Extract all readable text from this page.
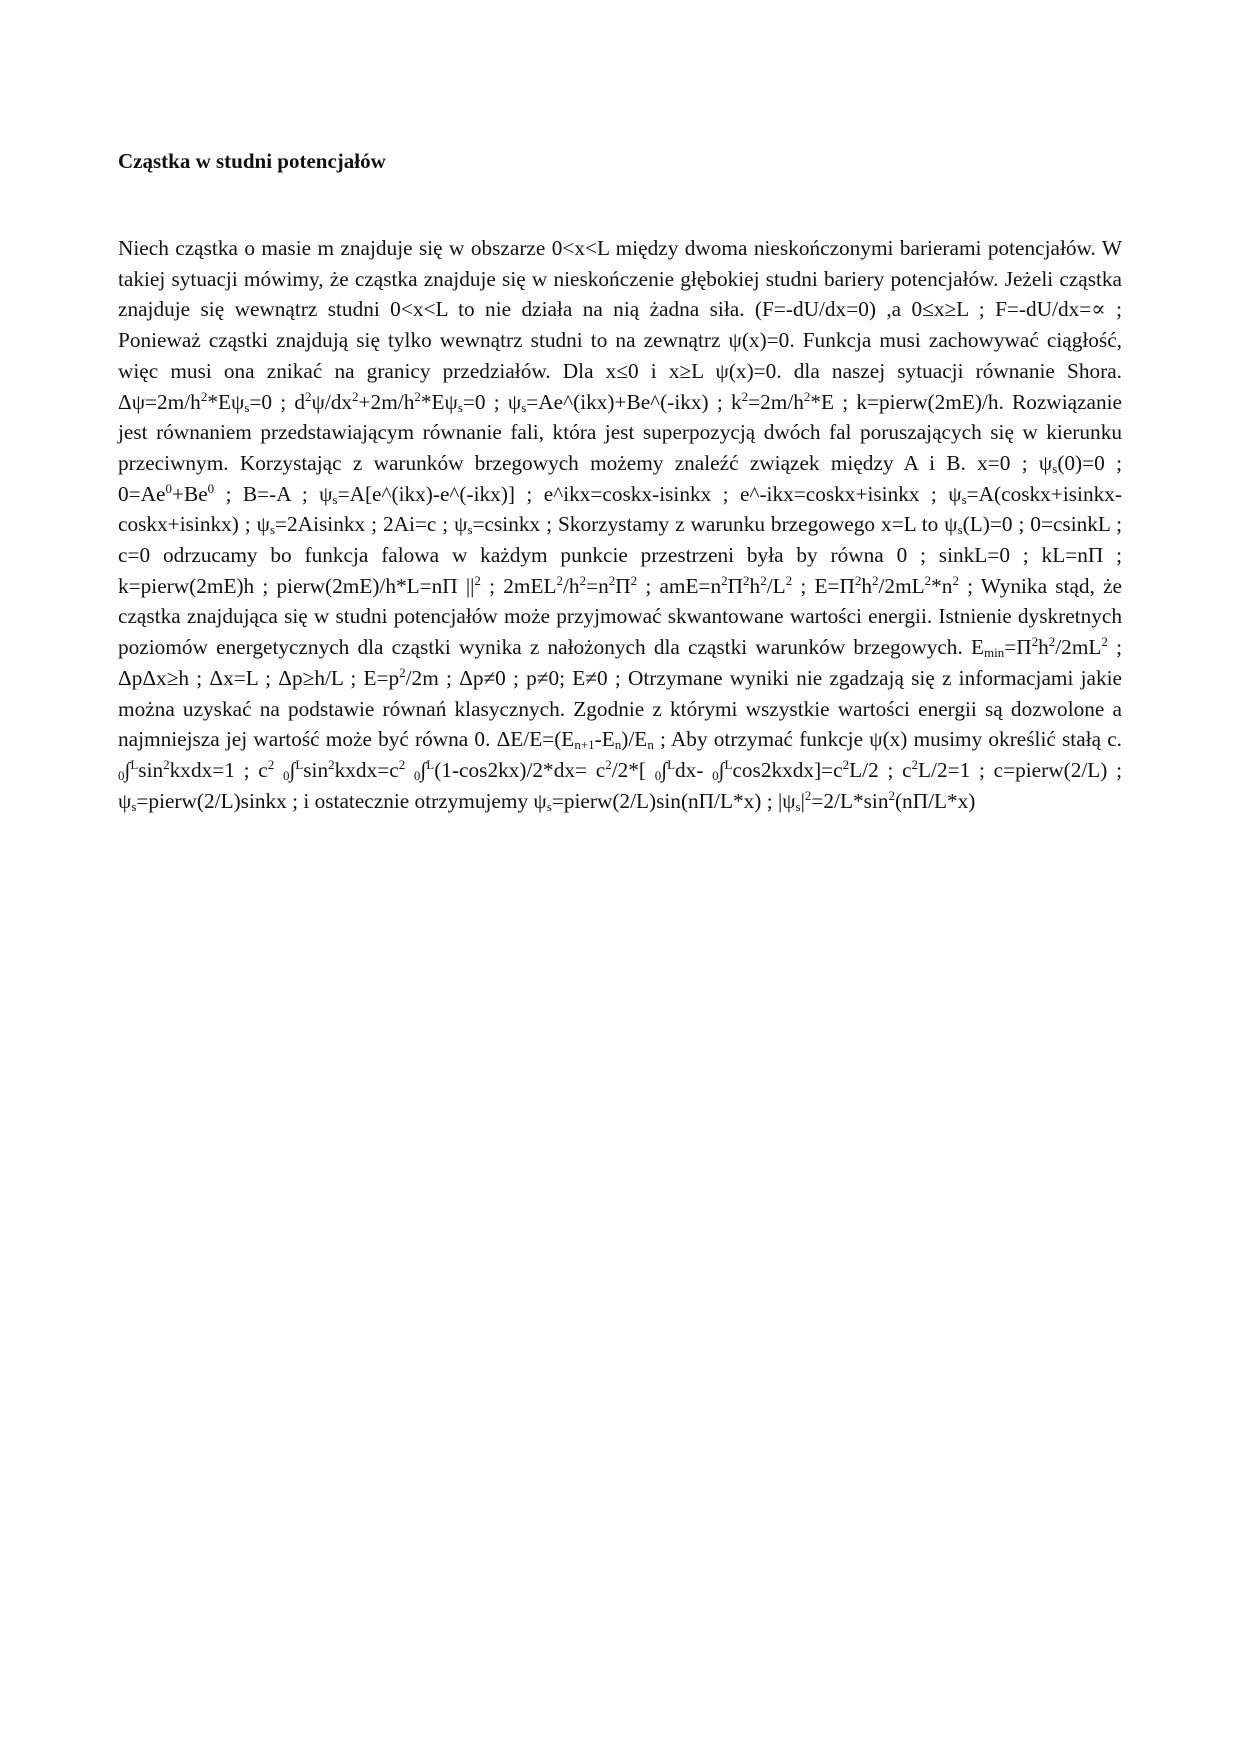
Cząstka w studni potencjałów

Niech cząstka o masie m znajduje się w obszarze 0<x<L między dwoma nieskończonymi barierami potencjałów. W takiej sytuacji mówimy, że cząstka znajduje się w nieskończenie głębokiej studni bariery potencjałów. Jeżeli cząstka znajduje się wewnątrz studni 0<x<L to nie działa na nią żadna siła. (F=-dU/dx=0) ,a 0≤x≥L ; F=-dU/dx=∝ ; Ponieważ cząstki znajdują się tylko wewnątrz studni to na zewnątrz ψ(x)=0. Funkcja musi zachowywać ciągłość, więc musi ona znikać na granicy przedziałów. Dla x≤0 i x≥L ψ(x)=0. dla naszej sytuacji równanie Shora. $\Delta\psi=2m/h^2*E\psi_s=0$ ; $d^2\psi/dx^2+2m/h^2*E\psi_s=0$ ; $\psi_s=Ae\^{}(ikx)+Be\^{}(-ikx)$ ; $k^2=2m/h^2*E$ ; k=pierw(2mE)/h. Rozwiązanie jest równaniem przedstawiającym równanie fali, która jest superpozycją dwóch fal poruszających się w kierunku przeciwnym. Korzystając z warunków brzegowych możemy znaleźć związek między A i B. x=0 ; $\psi_s(0)=0$ ; $0=Ae^0+Be^0$ ; B=-A ; $\psi_s=A[e\^{}(ikx)-e\^{}(-ikx)]$ ; e^ikx=coskx-isinkx ; e^-ikx=coskx+isinkx ; $\psi_s=A(coskx+isinkx-coskx+isinkx)$ ; $\psi_s=2Aisinkx$ ; 2Ai=c ; $\psi_s=csinkx$ ; Skorzystamy z warunku brzegowego x=L to $\psi_s(L)=0$ ; 0=csinkL ; c=0 odrzucamy bo funkcja falowa w każdym punkcie przestrzeni była by równa 0 ; sinkL=0 ; kL=nΠ ; k=pierw(2mE)h ; pierw(2mE)/h*L=nΠ $||^2$ ; $2mEL^2/h^2=n^2\Pi^2$ ; $amE=n^2\Pi^2h^2/L^2$ ; $E=\Pi^2h^2/2mL^2*n^2$ ; Wynika stąd, że cząstka znajdująca się w studni potencjałów może przyjmować skwantowane wartości energii. Istnienie dyskretnych poziomów energetycznych dla cząstki wynika z nałożonych dla cząstki warunków brzegowych. $E_{min}=\Pi^2h^2/2mL^2$ ; ΔpΔx≥h ; Δx=L ; Δp≥h/L ; $E=p^2/2m$ ; Δp≠0 ; p≠0; E≠0 ; Otrzymane wyniki nie zgadzają się z informacjami jakie można uzyskać na podstawie równań klasycznych. Zgodnie z którymi wszystkie wartości energii są dozwolone a najmniejsza jej wartość może być równa 0. $\Delta E/E=(E_{n+1}-E_n)/E_n$ ; Aby otrzymać funkcje ψ(x) musimy określić stałą c. $_0\int^L\sin^2kxdx=1$ ; $c^2$ $_0\int^L\sin^2kxdx=c^2$ $_0\int^L(1-\cos 2kx)/2*dx= c^2/2*$[ $_0$∫$^L$dx- $_0\int^L\cos 2kxdx]=c^2L/2$ ; $c^2L/2=1$ ; c=pierw(2/L) ; $\psi_s=pierw(2/L)sinkx$ ; i ostatecznie otrzymujemy $\psi_s=pierw(2/L)\sin(n\Pi/L*x)$ ; $|\psi_s|^2=2/L*\sin^2(n\Pi/L*x)$
